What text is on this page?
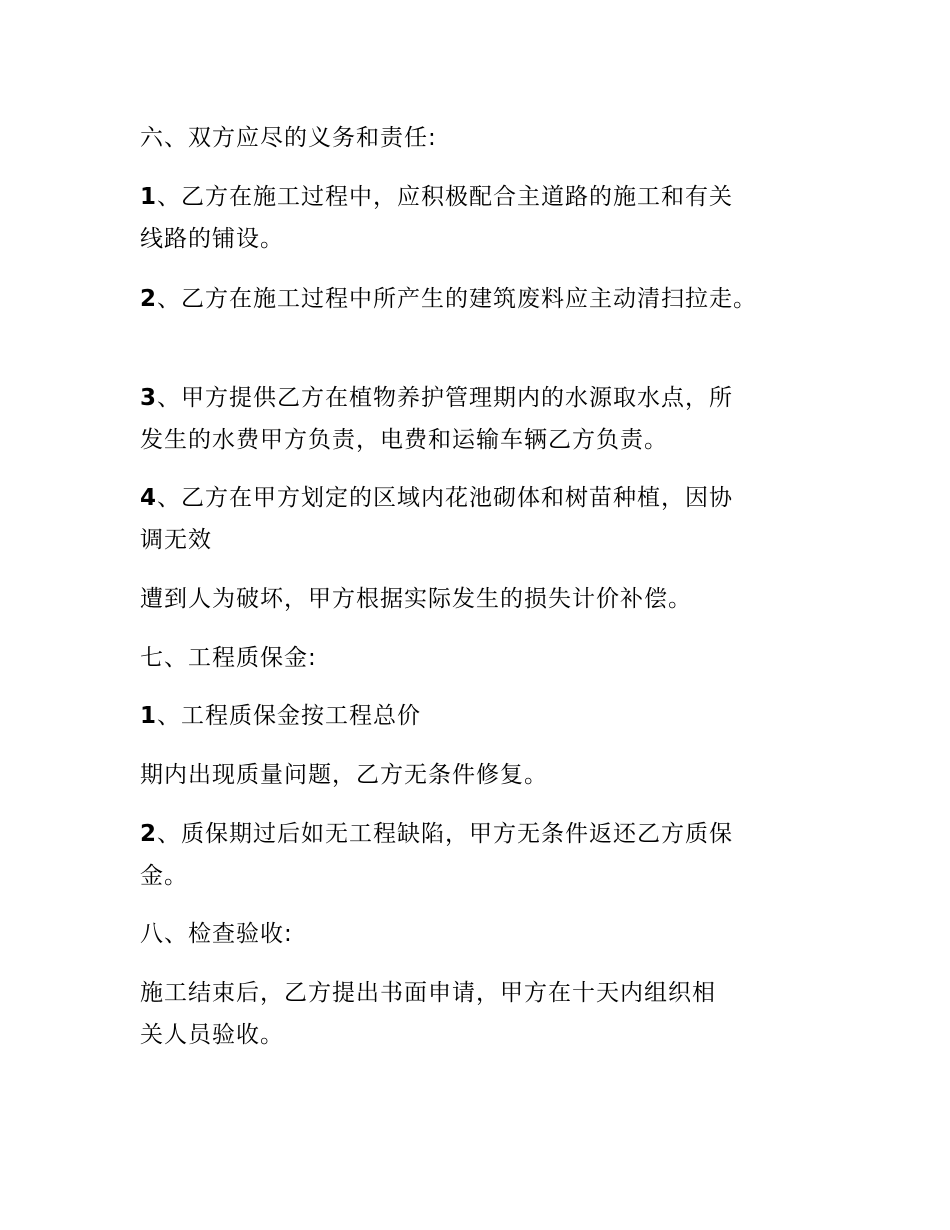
六、双方应尽的义务和责任:

1、乙方在施工过程中，应积极配合主道路的施工和有关
线路的铺设。

2、乙方在施工过程中所产生的建筑废料应主动清扫拉走。

3、甲方提供乙方在植物养护管理期内的水源取水点，所
发生的水费甲方负责，电费和运输车辆乙方负责。

4、乙方在甲方划定的区域内花池砌体和树苗种植，因协
调无效

遭到人为破坏，甲方根据实际发生的损失计价补偿。

七、工程质保金:

1、工程质保金按工程总价

期内出现质量问题，乙方无条件修复。

2、质保期过后如无工程缺陷，甲方无条件返还乙方质保
金。

八、检查验收:

施工结束后，乙方提出书面申请，甲方在十天内组织相
关人员验收。
